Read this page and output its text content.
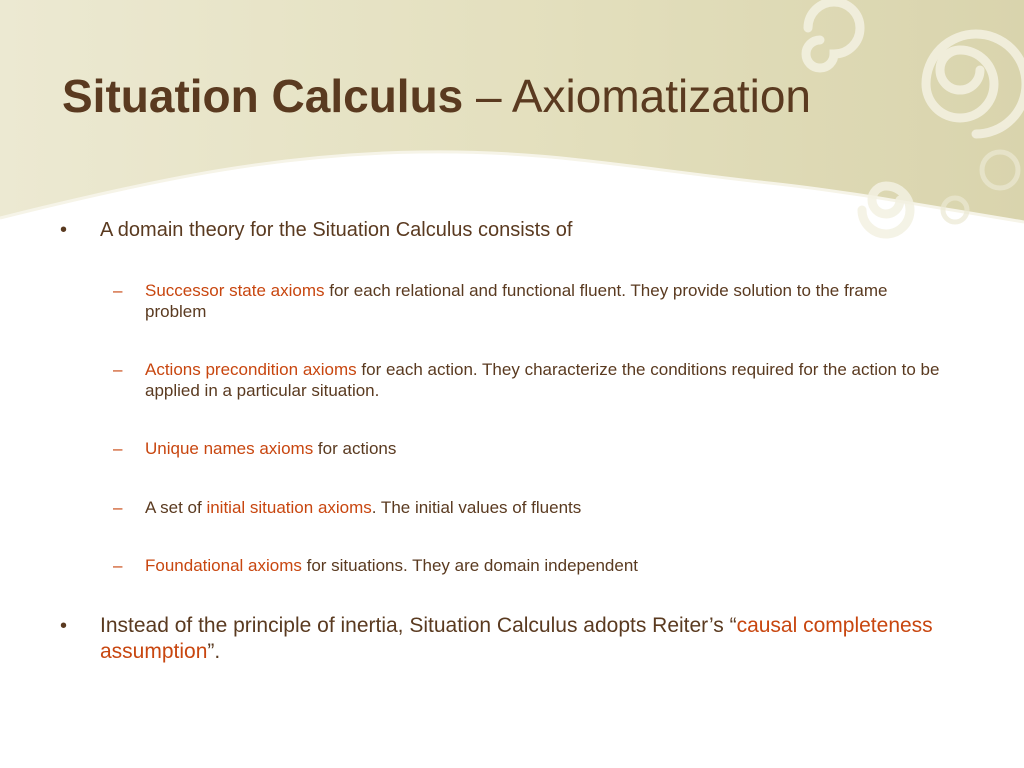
Situation Calculus – Axiomatization
• A domain theory for the Situation Calculus consists of
– Successor state axioms for each relational and functional fluent. They provide solution to the frame problem
– Actions precondition axioms for each action. They characterize the conditions required for the action to be applied in a particular situation.
– Unique names axioms for actions
– A set of initial situation axioms. The initial values of fluents
– Foundational axioms for situations. They are domain independent
• Instead of the principle of inertia, Situation Calculus adopts Reiter’s “causal completeness assumption”.
